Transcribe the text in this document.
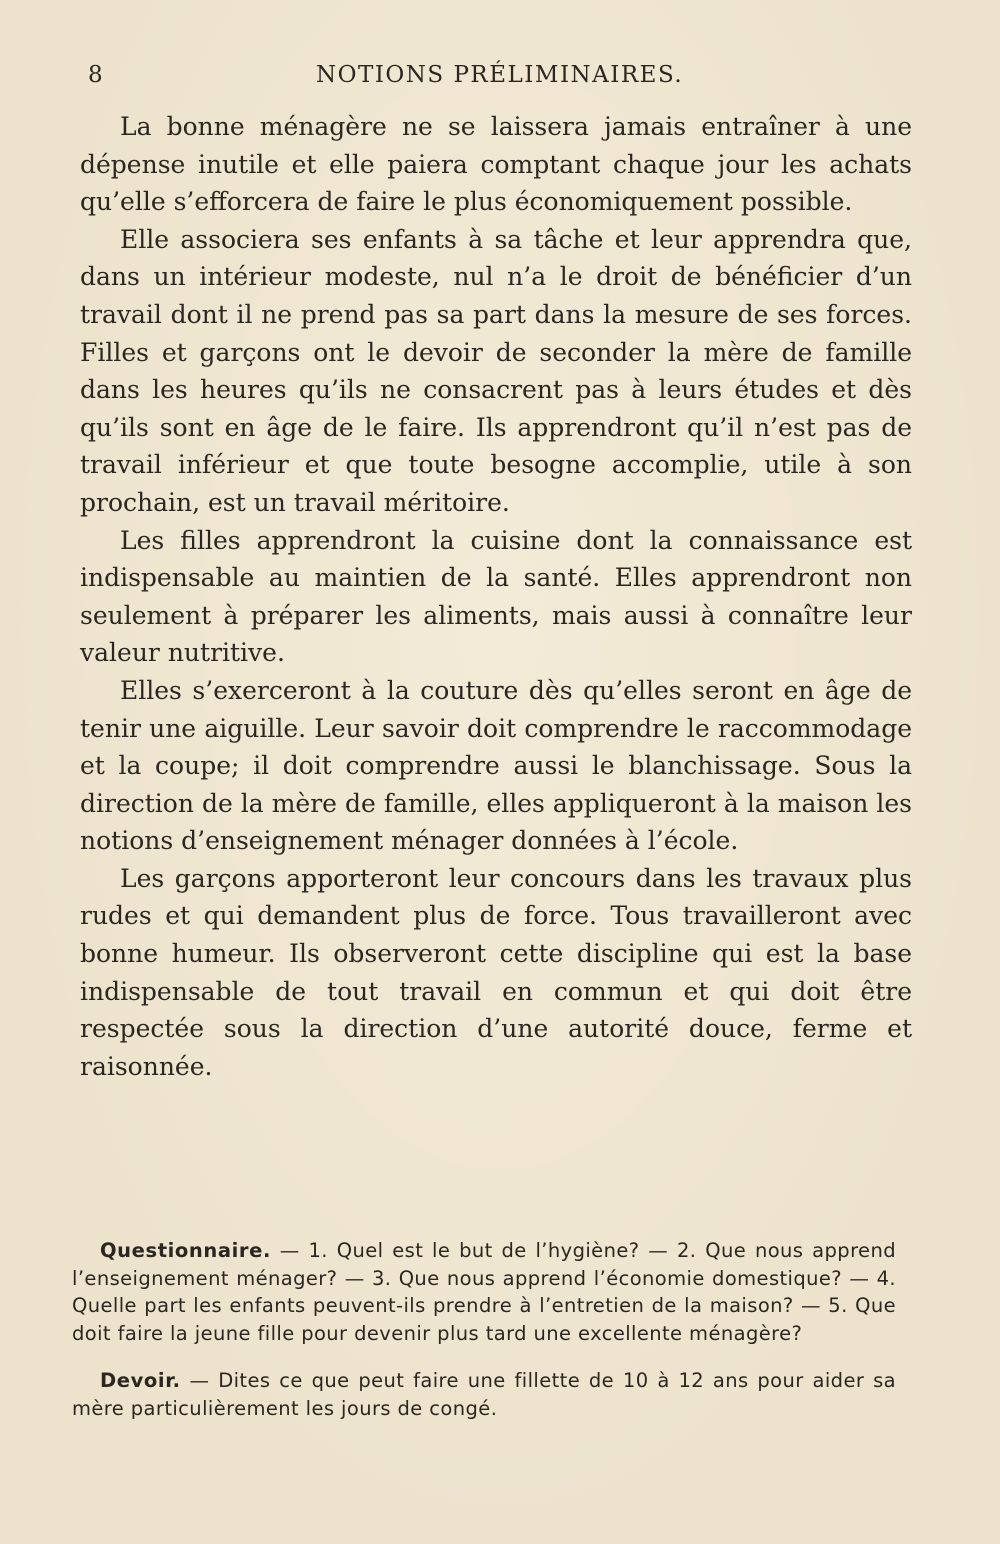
8	NOTIONS PRÉLIMINAIRES.

La bonne ménagère ne se laissera jamais entraîner à une dépense inutile et elle paiera comptant chaque jour les achats qu’elle s’efforcera de faire le plus économiquement possible.

Elle associera ses enfants à sa tâche et leur apprendra que, dans un intérieur modeste, nul n’a le droit de bénéficier d’un travail dont il ne prend pas sa part dans la mesure de ses forces. Filles et garçons ont le devoir de seconder la mère de famille dans les heures qu’ils ne consacrent pas à leurs études et dès qu’ils sont en âge de le faire. Ils apprendront qu’il n’est pas de travail inférieur et que toute besogne accomplie, utile à son prochain, est un travail méritoire.

Les filles apprendront la cuisine dont la connaissance est indispensable au maintien de la santé. Elles apprendront non seulement à préparer les aliments, mais aussi à connaître leur valeur nutritive.

Elles s’exerceront à la couture dès qu’elles seront en âge de tenir une aiguille. Leur savoir doit comprendre le raccommodage et la coupe; il doit comprendre aussi le blanchissage. Sous la direction de la mère de famille, elles appliqueront à la maison les notions d’enseignement ménager données à l’école.

Les garçons apporteront leur concours dans les travaux plus rudes et qui demandent plus de force. Tous travailleront avec bonne humeur. Ils observeront cette discipline qui est la base indispensable de tout travail en commun et qui doit être respectée sous la direction d’une autorité douce, ferme et raisonnée.

Questionnaire. — 1. Quel est le but de l’hygiène? — 2. Que nous apprend l’enseignement ménager? — 3. Que nous apprend l’économie domestique? — 4. Quelle part les enfants peuvent-ils prendre à l’entretien de la maison? — 5. Que doit faire la jeune fille pour devenir plus tard une excellente ménagère?

Devoir. — Dites ce que peut faire une fillette de 10 à 12 ans pour aider sa mère particulièrement les jours de congé.
